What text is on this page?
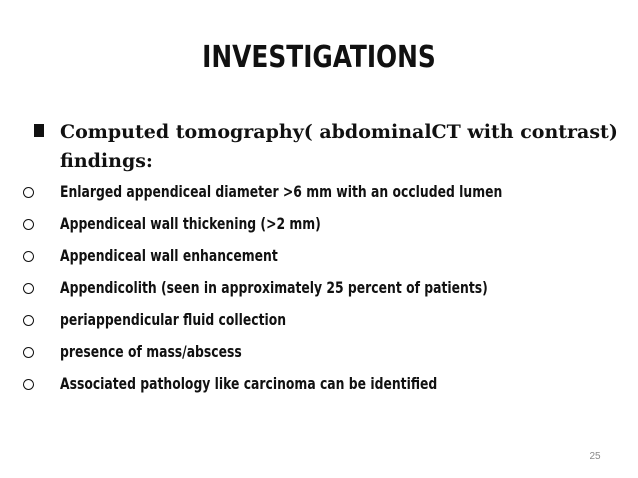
INVESTIGATIONS
Computed tomography( abdominalCT with contrast) findings:
Enlarged appendiceal diameter >6 mm with an occluded lumen
Appendiceal wall thickening (>2 mm)
Appendiceal wall enhancement
Appendicolith (seen in approximately 25 percent of patients)
periappendicular fluid collection
presence of mass/abscess
Associated pathology like carcinoma can be identified
25
